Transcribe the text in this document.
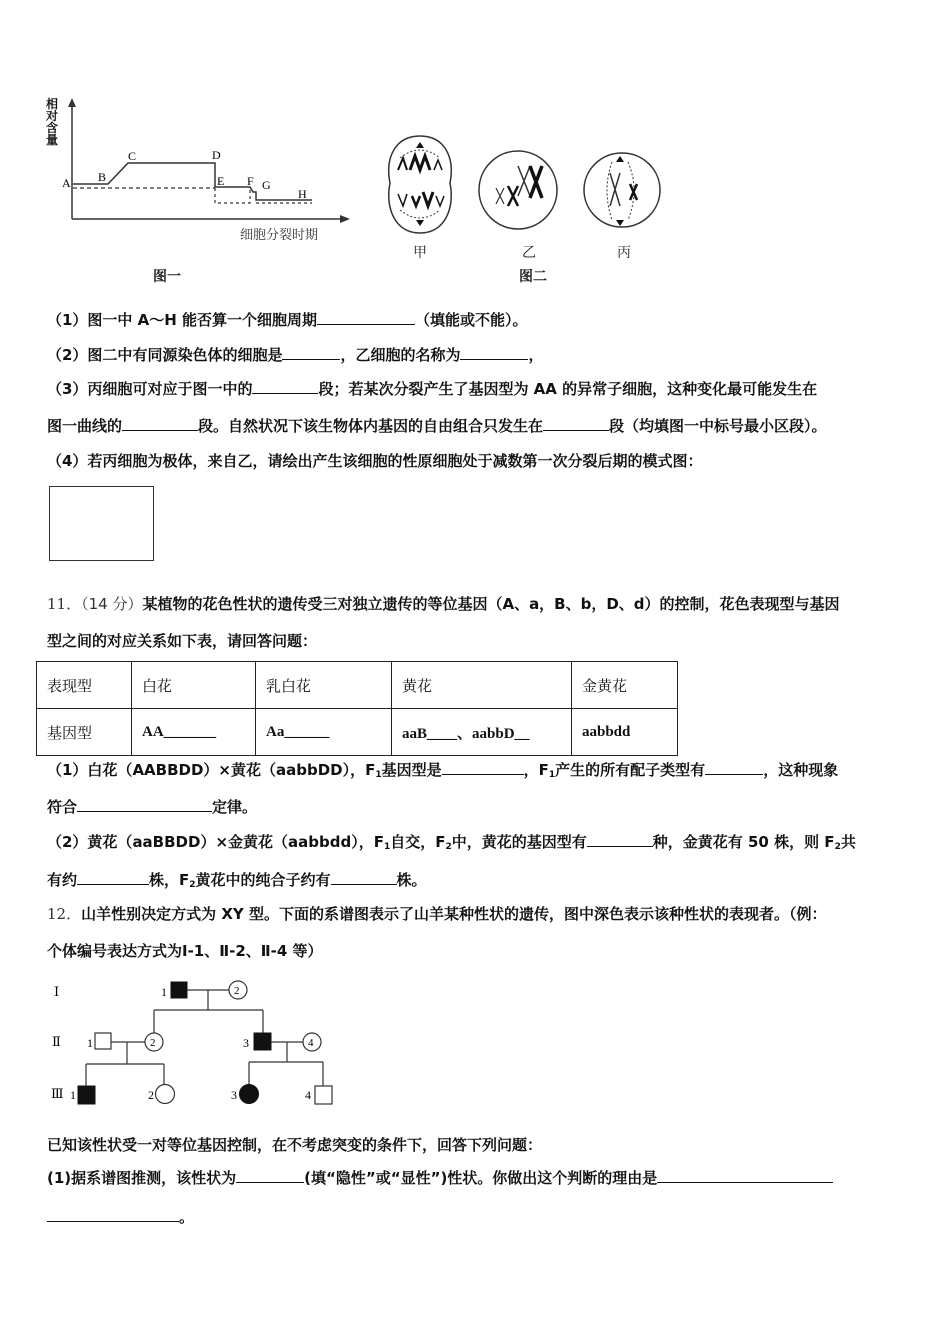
A B
C	D
E F G
H
相
对
含
量
细胞分裂时期
图一
甲	乙	丙
图二
（1）图一中 A～H 能否算一个细胞周期	（填能或不能）。
（2）图二中有同源染色体的细胞是	，乙细胞的名称为	，
（3）丙细胞可对应于图一中的	段；若某次分裂产生了基因型为 AA 的异常子细胞，这种变化最可能发生在
图一曲线的	段。自然状况下该生物体内基因的自由组合只发生在	段（均填图一中标号最小区段）。
（4）若丙细胞为极体，来自乙，请绘出产生该细胞的性原细胞处于减数第一次分裂后期的模式图：
11．（14 分）某植物的花色性状的遗传受三对独立遗传的等位基因（A、a，B、b，D、d）的控制，花色表现型与基因
型之间的对应关系如下表，请回答问题：
表现型	白花	乳白花	黄花	金黄花
基因型	AA_______	Aa______	aaB____、aabbD__	aabbdd
（1）白花（AABBDD）×黄花（aabbDD），$F_1$基因型是	，$F_1$产生的所有配子类型有	，这种现象
符合	定律。
（2）黄花（aaBBDD）×金黄花（aabbdd），$F_1$自交，$F_2$中，黄花的基因型有	种，金黄花有 50 株，则 $F_2$共
有约	株，$F_2$黄花中的纯合子约有	株。
12．山羊性别决定方式为 XY 型。下面的系谱图表示了山羊某种性状的遗传，图中深色表示该种性状的表现者。（例：
个体编号表达方式为Ⅰ-1、Ⅱ-2、Ⅱ-4 等）
Ⅰ
Ⅱ
Ⅲ
1	2
1	2	3	4
1	2	3	4
已知该性状受一对等位基因控制，在不考虑突变的条件下，回答下列问题：
(1)据系谱图推测，该性状为	(填“隐性”或“显性”)性状。你做出这个判断的理由是
。
